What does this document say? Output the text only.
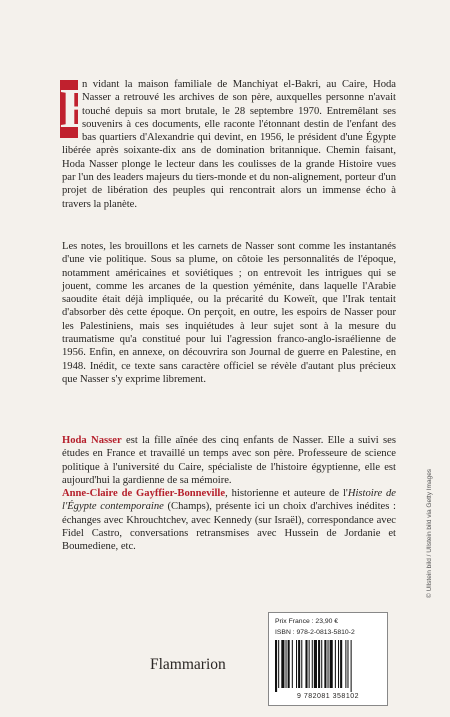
E
n vidant la maison familiale de Manchiyat el-Bakri, au Caire, Hoda Nasser a retrouvé les archives de son père, auxquelles personne n'avait touché depuis sa mort brutale, le 28 septembre 1970. Entremêlant ses souvenirs à ces documents, elle raconte l'étonnant destin de l'enfant des bas quartiers d'Alexandrie qui devint, en 1956, le président d'une Égypte libérée après soixante-dix ans de domination britannique. Chemin faisant, Hoda Nasser plonge le lecteur dans les coulisses de la grande Histoire vues par l'un des leaders majeurs du tiers-monde et du non-alignement, porteur d'un projet de libération des peuples qui rencontrait alors un immense écho à travers la planète.

Les notes, les brouillons et les carnets de Nasser sont comme les instantanés d'une vie politique. Sous sa plume, on côtoie les personnalités de l'époque, notamment américaines et soviétiques ; on entrevoit les intrigues qui se jouent, comme les arcanes de la question yéménite, dans laquelle l'Arabie saoudite était déjà impliquée, ou la précarité du Koweït, que l'Irak tentait d'absorber dès cette époque. On perçoit, en outre, les espoirs de Nasser pour les Palestiniens, mais ses inquiétudes à leur sujet sont à la mesure du traumatisme qu'a constitué pour lui l'agression franco-anglo-israélienne de 1956. Enfin, en annexe, on découvrira son Journal de guerre en Palestine, en 1948. Inédit, ce texte sans caractère officiel se révèle d'autant plus précieux que Nasser s'y exprime librement.

Hoda Nasser est la fille aînée des cinq enfants de Nasser. Elle a suivi ses études en France et travaillé un temps avec son père. Professeure de science politique à l'université du Caire, spécialiste de l'histoire égyptienne, elle est aujourd'hui la gardienne de sa mémoire.

Anne-Claire de Gayffier-Bonneville, historienne et auteure de l'Histoire de l'Égypte contemporaine (Champs), présente ici un choix d'archives inédites : échanges avec Khrouchtchev, avec Kennedy (sur Israël), correspondance avec Fidel Castro, conversations retransmises avec Hussein de Jordanie et Boumediene, etc.	© Ullstein bild / Ullstein bild via Getty Images
Prix France : 23,90 €
ISBN : 978-2-0813-5810-2
9 782081 358102
Flammarion
